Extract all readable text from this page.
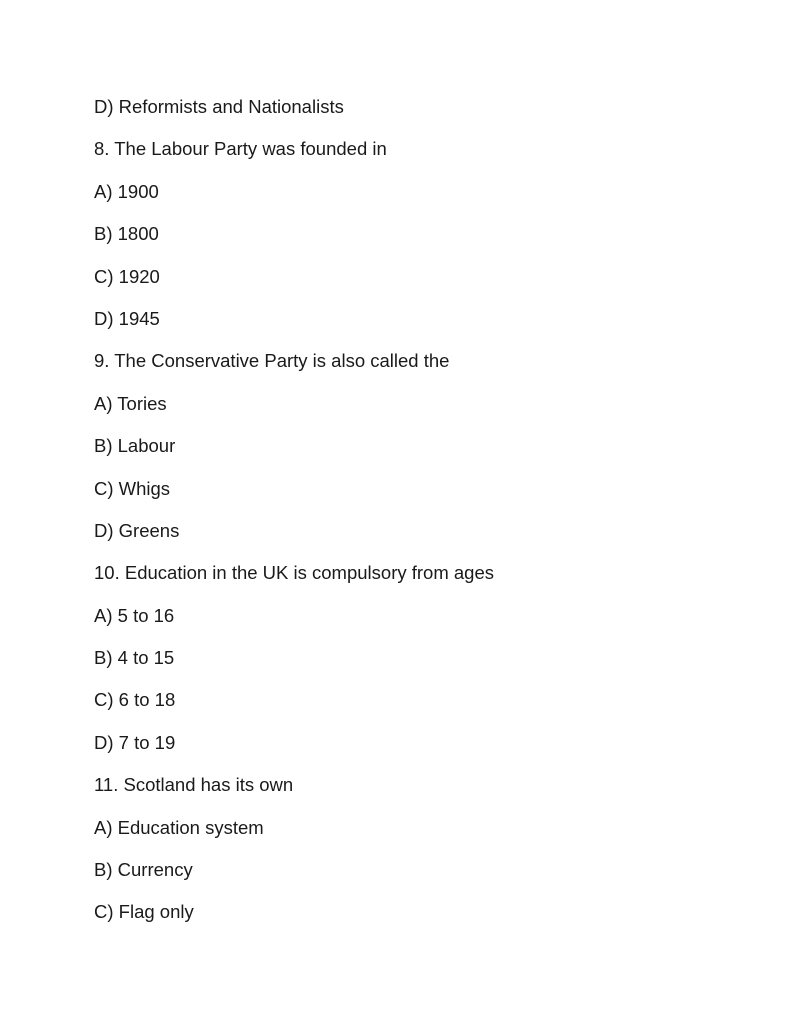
D) Reformists and Nationalists

8. The Labour Party was founded in

A) 1900

B) 1800

C) 1920

D) 1945

9. The Conservative Party is also called the

A) Tories

B) Labour

C) Whigs

D) Greens

10. Education in the UK is compulsory from ages

A) 5 to 16

B) 4 to 15

C) 6 to 18

D) 7 to 19

11. Scotland has its own

A) Education system

B) Currency

C) Flag only
